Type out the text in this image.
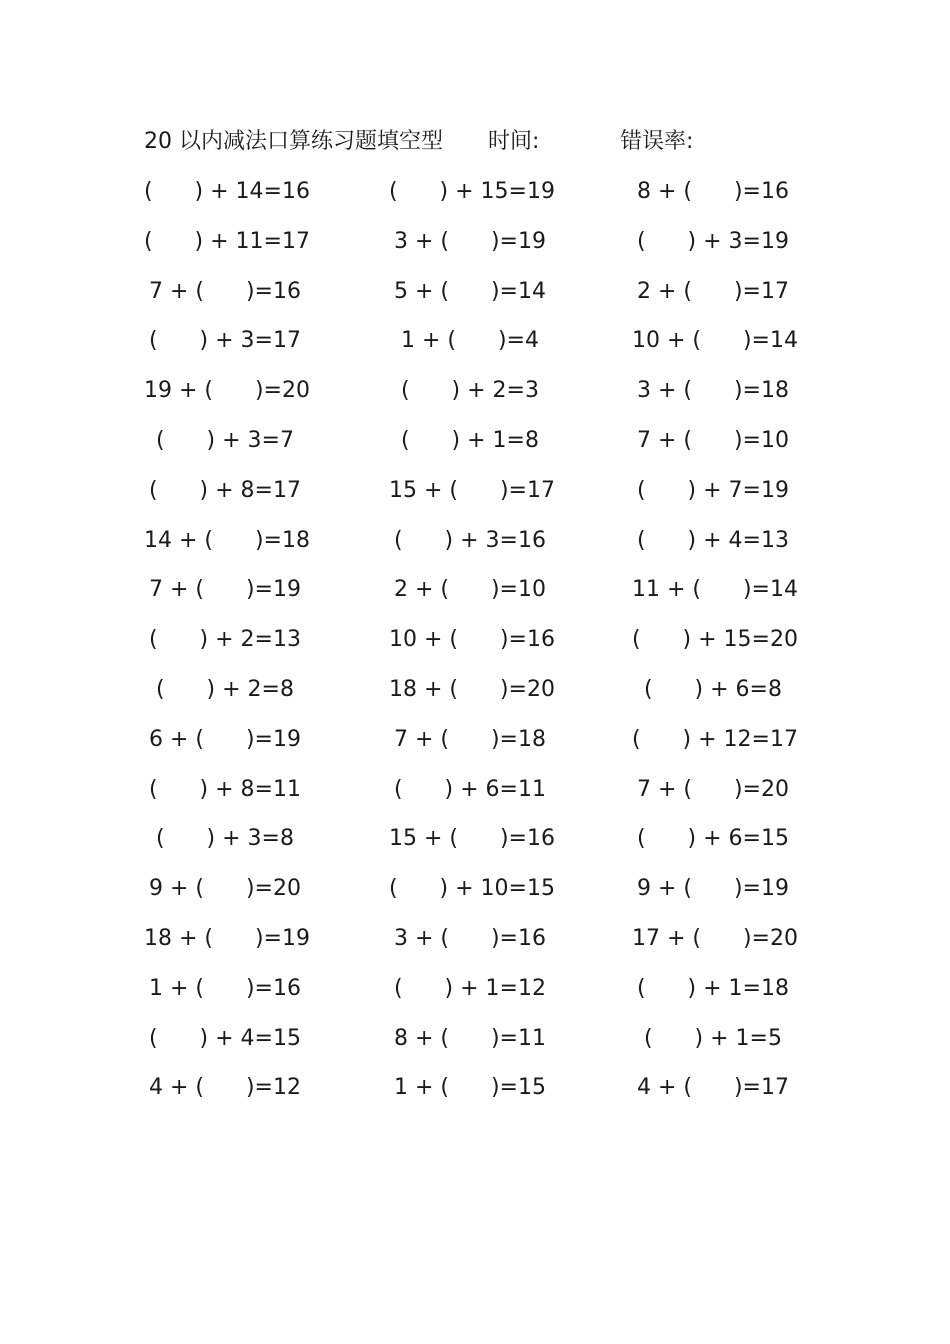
20 以内减法口算练习题填空型 时间:	错误率:
(      ) + 14=16	(      ) + 15=19	8 + (      )=16
(      ) + 11=17	3 + (      )=19	(      ) + 3=19
7 + (      )=16	5 + (      )=14	2 + (      )=17
(      ) + 3=17	1 + (      )=4	10 + (      )=14
19 + (      )=20	(      ) + 2=3	3 + (      )=18
(      ) + 3=7	(      ) + 1=8	7 + (      )=10
(      ) + 8=17	15 + (      )=17	(      ) + 7=19
14 + (      )=18	(      ) + 3=16	(      ) + 4=13
7 + (      )=19	2 + (      )=10	11 + (      )=14
(      ) + 2=13	10 + (      )=16	(      ) + 15=20
(      ) + 2=8	18 + (      )=20	(      ) + 6=8
6 + (      )=19	7 + (      )=18	(      ) + 12=17
(      ) + 8=11	(      ) + 6=11	7 + (      )=20
(      ) + 3=8	15 + (      )=16	(      ) + 6=15
9 + (      )=20	(      ) + 10=15	9 + (      )=19
18 + (      )=19	3 + (      )=16	17 + (      )=20
1 + (      )=16	(      ) + 1=12	(      ) + 1=18
(      ) + 4=15	8 + (      )=11	(      ) + 1=5
4 + (      )=12	1 + (      )=15	4 + (      )=17
